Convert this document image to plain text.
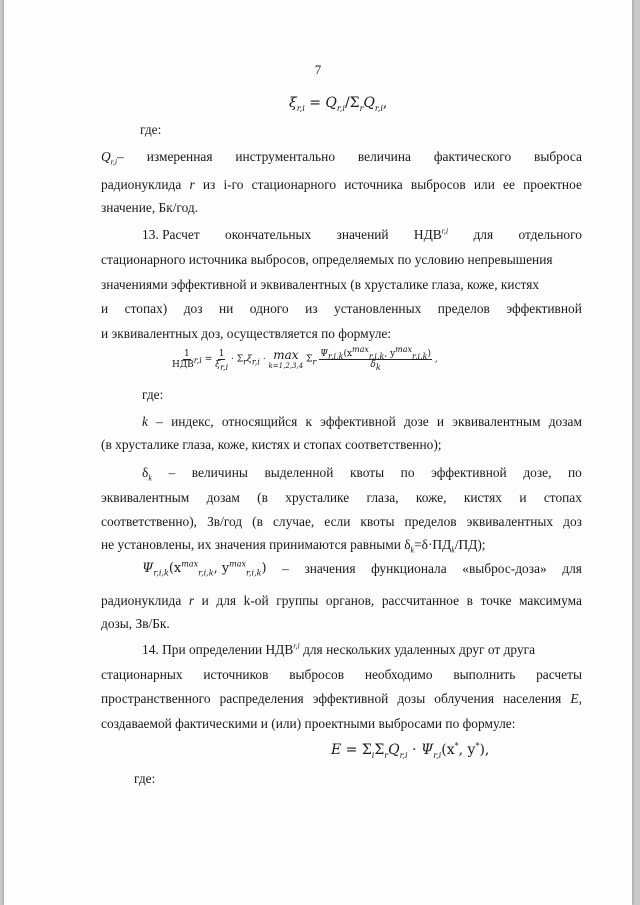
7
$\xi_{r,i} = Q_{r,i}/\Sigma_rQ_{r,i}$,
где:
$Q_{r,i}-$ измеренная инструментально величина фактического выброса
радионуклида r из i-го стационарного источника выбросов или ее проектное
значение, Бк/год.
13. Расчет окончательных значений НДВ$^{r,i}$ для отдельного
стационарного источника выбросов, определяемых по условию непревышения
значениями эффективной и эквивалентных (в хрусталике глаза, коже, кистях
и стопах) доз ни одного из установленных пределов эффективной
и эквивалентных доз, осуществляется по формуле:
$\frac{1}{НДВ^{r,i}} = \frac{1}{\xi_{r,i}} \cdot \Sigma_r\xi_{r,i} \cdot \max$
k=1,2,3,4
$\Sigma_r \frac{\Psi_{r,i,k}(x^{max}_{r,i,k}, y^{max}_{r,i,k})}{\delta_k}$ ,
где:
k – индекс, относящийся к эффективной дозе и эквивалентным дозам
(в хрусталике глаза, коже, кистях и стопах соответственно);
$\delta_k$ – величины выделенной квоты по эффективной дозе, по
эквивалентным дозам (в хрусталике глаза, коже, кистях и стопах
соответственно), Зв/год (в случае, если квоты пределов эквивалентных доз
не установлены, их значения принимаются равными $\delta_k=\delta\cdot ПД_k/ПД$);
$\Psi_{r,i,k}(x^{max}_{r,i,k}$, $y^{max}_{r,i,k}$) – значения функционала «выброс-доза» для
радионуклида r и для k-ой группы органов, рассчитанное в точке максимума
дозы, Зв/Бк.
14. При определении НДВ$^{r,i}$ для нескольких удаленных друг от друга
стационарных источников выбросов необходимо выполнить расчеты
пространственного распределения эффективной дозы облучения населения E,
создаваемой фактическими и (или) проектными выбросами по формуле:
$E = \Sigma_i\Sigma_rQ_{r,i} \cdot \Psi_{r,i}(x^*$, y*),
где:
